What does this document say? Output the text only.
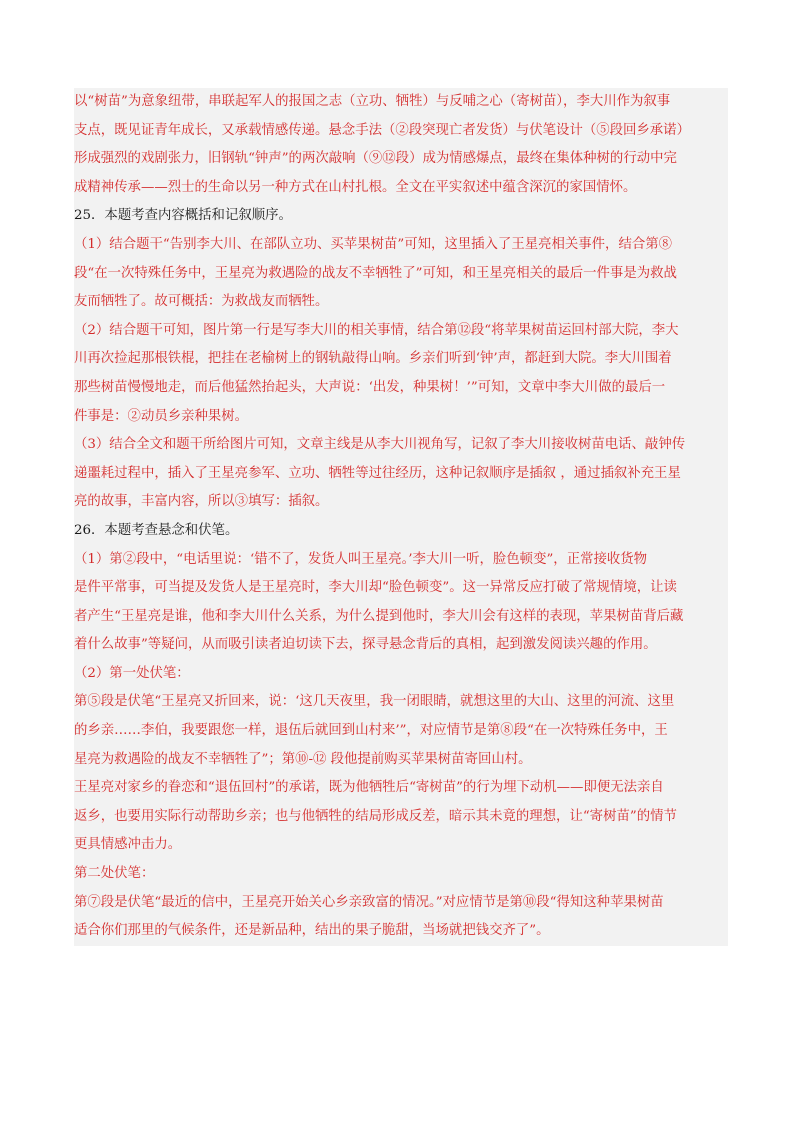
以“树苗”为意象纽带，串联起军人的报国之志（立功、牺牲）与反哺之心（寄树苗），李大川作为叙事
支点，既见证青年成长，又承载情感传递。悬念手法（②段突现亡者发货）与伏笔设计（⑤段回乡承诺）
形成强烈的戏剧张力，旧钢轨“钟声”的两次敲响（⑨⑫段）成为情感爆点，最终在集体种树的行动中完
成精神传承——烈士的生命以另一种方式在山村扎根。全文在平实叙述中蕴含深沉的家国情怀。
25．本题考查内容概括和记叙顺序。
（1）结合题干“告别李大川、在部队立功、买苹果树苗”可知，这里插入了王星亮相关事件，结合第⑧
段“在一次特殊任务中，王星亮为救遇险的战友不幸牺牲了”可知，和王星亮相关的最后一件事是为救战
友而牺牲了。故可概括：为救战友而牺牲。
（2）结合题干可知，图片第一行是写李大川的相关事情，结合第⑫段“将苹果树苗运回村部大院，李大
川再次捡起那根铁棍，把挂在老榆树上的钢轨敲得山响。乡亲们听到‘钟’声，都赶到大院。李大川围着
那些树苗慢慢地走，而后他猛然抬起头，大声说：‘出发，种果树！’”可知，文章中李大川做的最后一
件事是：②动员乡亲种果树。
（3）结合全文和题干所给图片可知，文章主线是从李大川视角写，记叙了李大川接收树苗电话、敲钟传
递噩耗过程中，插入了王星亮参军、立功、牺牲等过往经历，这种记叙顺序是插叙 ，通过插叙补充王星
亮的故事，丰富内容，所以③填写：插叙。
26．本题考查悬念和伏笔。
（1）第②段中，“电话里说：‘错不了，发货人叫王星亮。’李大川一听，脸色顿变”，正常接收货物
是件平常事，可当提及发货人是王星亮时，李大川却“脸色顿变”。这一异常反应打破了常规情境，让读
者产生“王星亮是谁，他和李大川什么关系，为什么提到他时，李大川会有这样的表现，苹果树苗背后藏
着什么故事”等疑问，从而吸引读者迫切读下去，探寻悬念背后的真相，起到激发阅读兴趣的作用。
（2）第一处伏笔：
第⑤段是伏笔“王星亮又折回来，说：‘这几天夜里，我一闭眼睛，就想这里的大山、这里的河流、这里
的乡亲……李伯，我要跟您一样，退伍后就回到山村来’”，对应情节是第⑧段“在一次特殊任务中，王
星亮为救遇险的战友不幸牺牲了”；第⑩-⑫ 段他提前购买苹果树苗寄回山村。
王星亮对家乡的眷恋和“退伍回村”的承诺，既为他牺牲后“寄树苗”的行为埋下动机——即便无法亲自
返乡，也要用实际行动帮助乡亲；也与他牺牲的结局形成反差，暗示其未竟的理想，让“寄树苗”的情节
更具情感冲击力。
第二处伏笔：
第⑦段是伏笔“最近的信中，王星亮开始关心乡亲致富的情况。”对应情节是第⑩段“得知这种苹果树苗
适合你们那里的气候条件，还是新品种，结出的果子脆甜，当场就把钱交齐了”。
